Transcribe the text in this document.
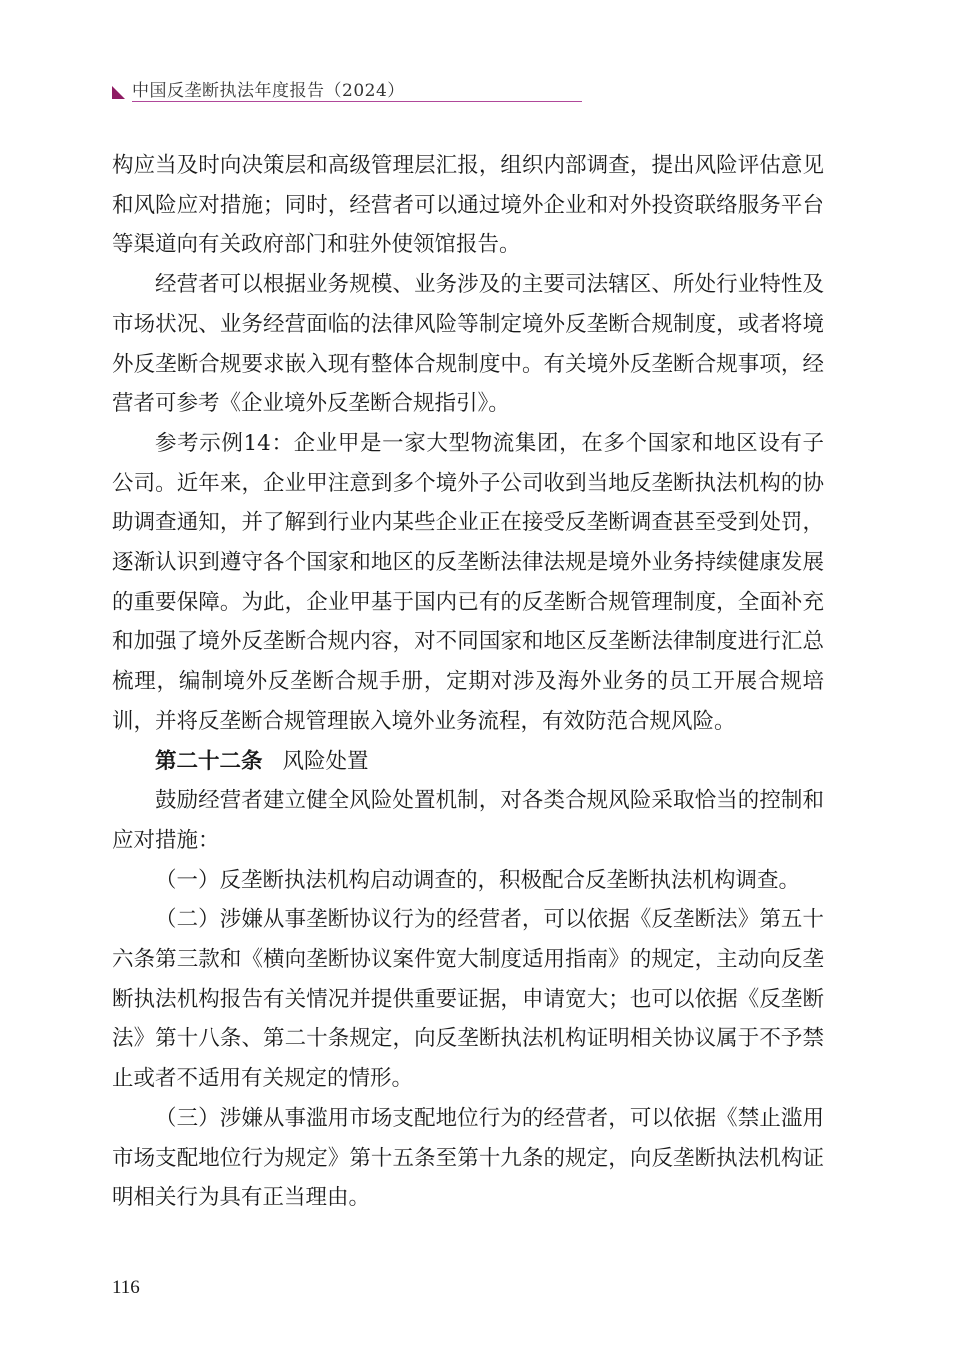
中国反垄断执法年度报告（2024）

构应当及时向决策层和高级管理层汇报，组织内部调查，提出风险评估意见和风险应对措施；同时，经营者可以通过境外企业和对外投资联络服务平台等渠道向有关政府部门和驻外使领馆报告。

经营者可以根据业务规模、业务涉及的主要司法辖区、所处行业特性及市场状况、业务经营面临的法律风险等制定境外反垄断合规制度，或者将境外反垄断合规要求嵌入现有整体合规制度中。有关境外反垄断合规事项，经营者可参考《企业境外反垄断合规指引》。

参考示例14：企业甲是一家大型物流集团，在多个国家和地区设有子公司。近年来，企业甲注意到多个境外子公司收到当地反垄断执法机构的协助调查通知，并了解到行业内某些企业正在接受反垄断调查甚至受到处罚，逐渐认识到遵守各个国家和地区的反垄断法律法规是境外业务持续健康发展的重要保障。为此，企业甲基于国内已有的反垄断合规管理制度，全面补充和加强了境外反垄断合规内容，对不同国家和地区反垄断法律制度进行汇总梳理，编制境外反垄断合规手册，定期对涉及海外业务的员工开展合规培训，并将反垄断合规管理嵌入境外业务流程，有效防范合规风险。

第二十二条 风险处置

鼓励经营者建立健全风险处置机制，对各类合规风险采取恰当的控制和应对措施：

（一）反垄断执法机构启动调查的，积极配合反垄断执法机构调查。

（二）涉嫌从事垄断协议行为的经营者，可以依据《反垄断法》第五十六条第三款和《横向垄断协议案件宽大制度适用指南》的规定，主动向反垄断执法机构报告有关情况并提供重要证据，申请宽大；也可以依据《反垄断法》第十八条、第二十条规定，向反垄断执法机构证明相关协议属于不予禁止或者不适用有关规定的情形。

（三）涉嫌从事滥用市场支配地位行为的经营者，可以依据《禁止滥用市场支配地位行为规定》第十五条至第十九条的规定，向反垄断执法机构证明相关行为具有正当理由。

116
